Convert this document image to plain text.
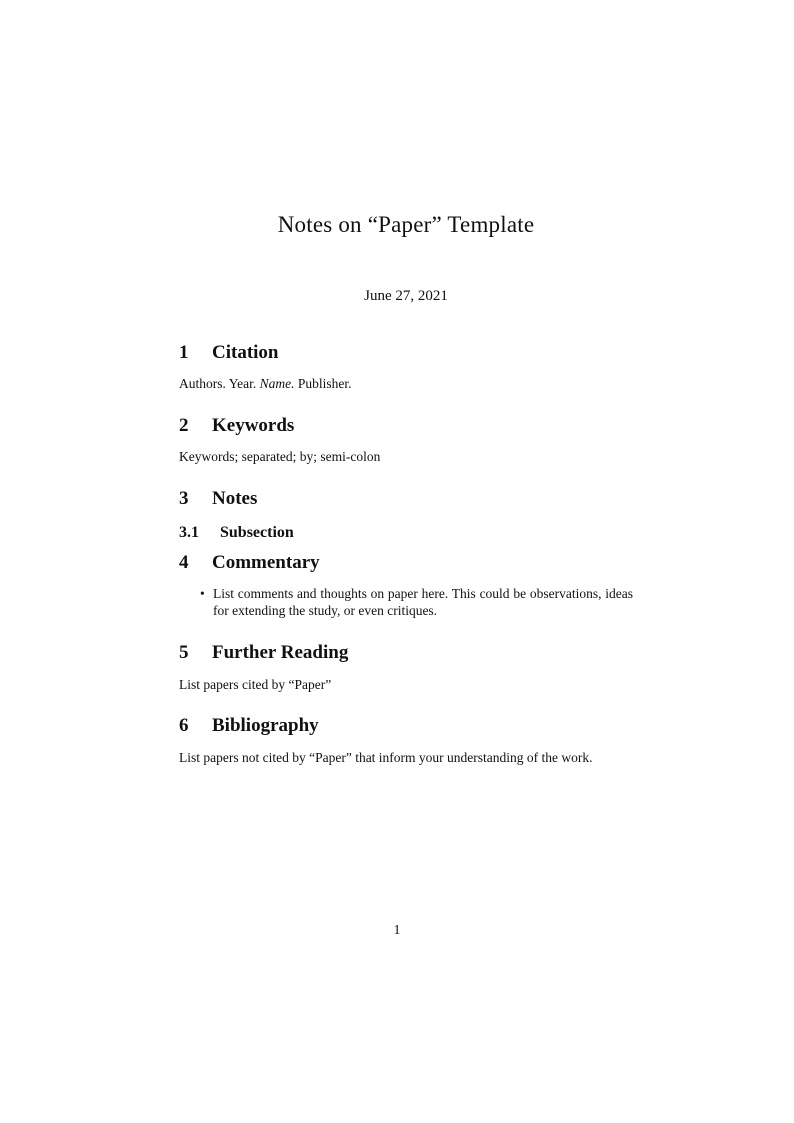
Notes on “Paper” Template
June 27, 2021
1	Citation

Authors. Year. Name. Publisher.

2	Keywords

Keywords; separated; by; semi-colon

3	Notes
3.1	Subsection
4	Commentary
• List comments and thoughts on paper here. This could be observations, ideas for extending the study, or even critiques.
5	Further Reading

List papers cited by “Paper”

6	Bibliography

List papers not cited by “Paper” that inform your understanding of the work.

1
